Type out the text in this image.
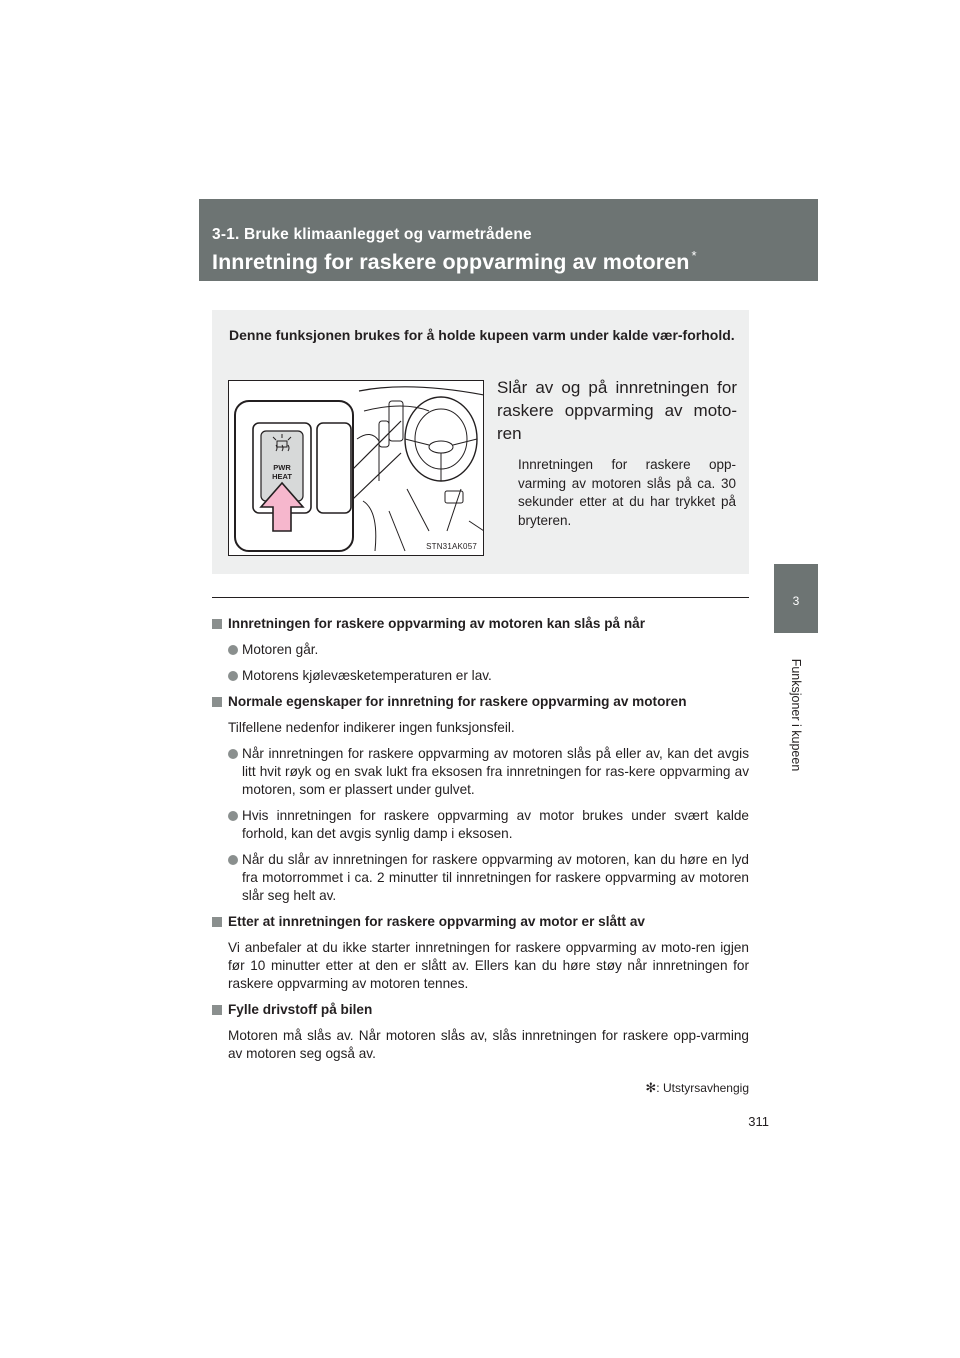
3-1. Bruke klimaanlegget og varmetrådene
Innretning for raskere oppvarming av motoren *
3
Funksjoner i kupeen
Denne funksjonen brukes for å holde kupeen varm under kalde vær-forhold.
PWR
HEAT
STN31AK057
Slår av og på innretningen for raskere oppvarming av moto-ren
Innretningen for raskere opp-varming av motoren slås på ca. 30 sekunder etter at du har trykket på bryteren.
Innretningen for raskere oppvarming av motoren kan slås på når
Motoren går.
Motorens kjølevæsketemperaturen er lav.
Normale egenskaper for innretning for raskere oppvarming av motoren
Tilfellene nedenfor indikerer ingen funksjonsfeil.
Når innretningen for raskere oppvarming av motoren slås på eller av, kan det avgis litt hvit røyk og en svak lukt fra eksosen fra innretningen for ras-kere oppvarming av motoren, som er plassert under gulvet.
Hvis innretningen for raskere oppvarming av motor brukes under svært kalde forhold, kan det avgis synlig damp i eksosen.
Når du slår av innretningen for raskere oppvarming av motoren, kan du høre en lyd fra motorrommet i ca. 2 minutter til innretningen for raskere oppvarming av motoren slår seg helt av.
Etter at innretningen for raskere oppvarming av motor er slått av
Vi anbefaler at du ikke starter innretningen for raskere oppvarming av moto-ren igjen før 10 minutter etter at den er slått av. Ellers kan du høre støy når innretningen for raskere oppvarming av motoren tennes.
Fylle drivstoff på bilen
Motoren må slås av. Når motoren slås av, slås innretningen for raskere opp-varming av motoren seg også av.
✻: Utstyrsavhengig
311
